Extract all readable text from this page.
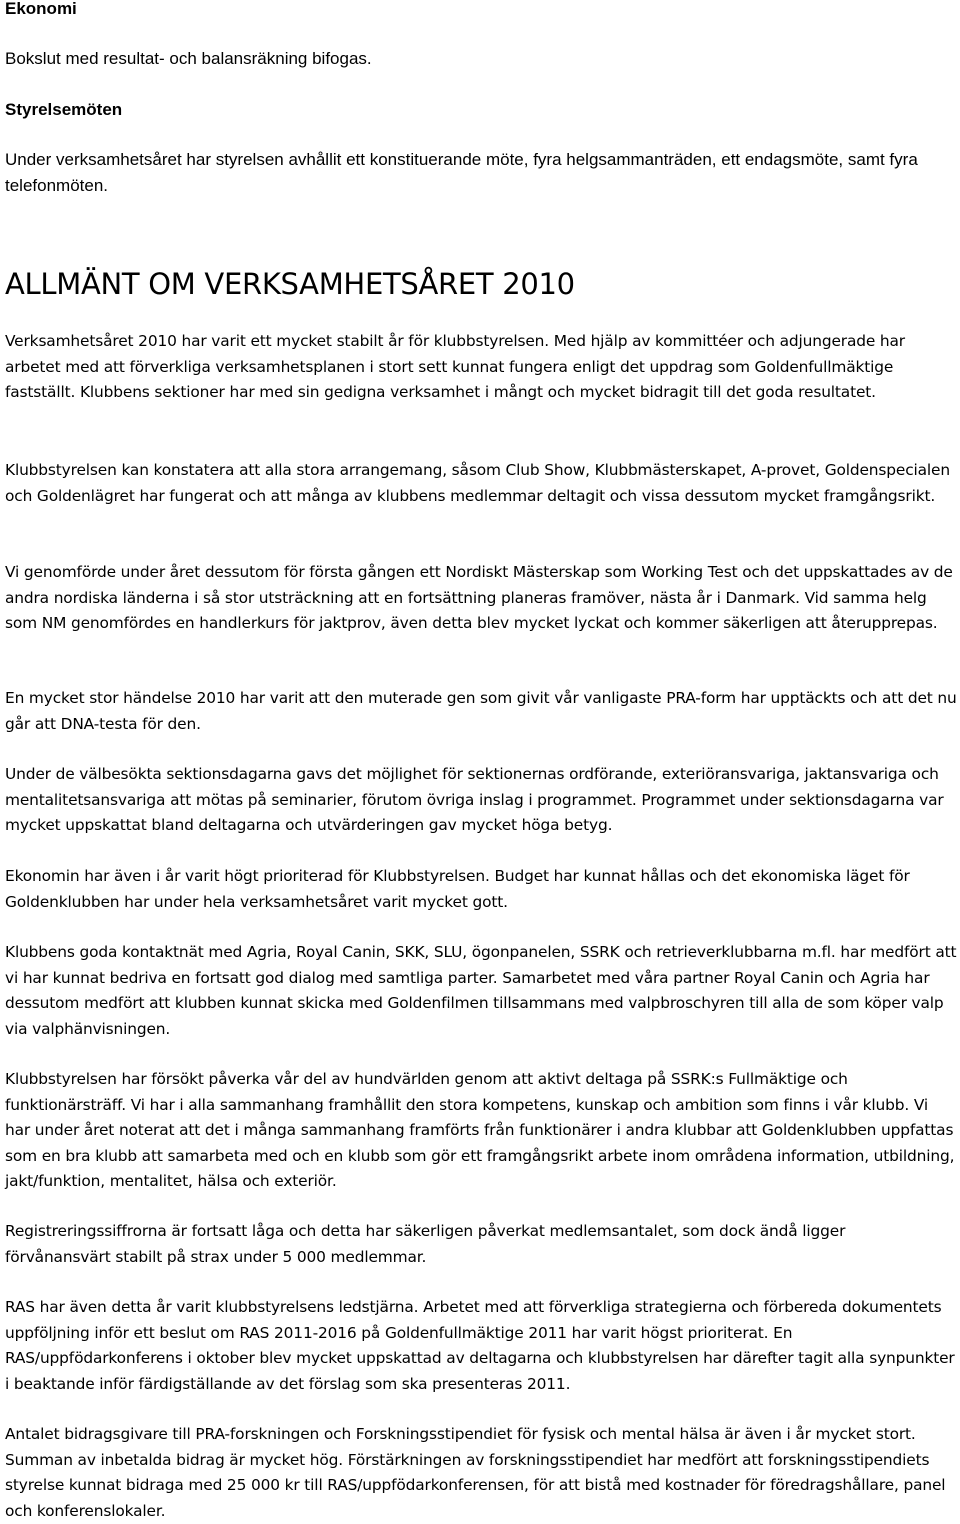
Ekonomi

Bokslut med resultat- och balansräkning bifogas.

Styrelsemöten

Under verksamhetsåret har styrelsen avhållit ett konstituerande möte, fyra helgsammanträden, ett endagsmöte, samt fyra telefonmöten.

ALLMÄNT OM VERKSAMHETSÅRET 2010

Verksamhetsåret 2010 har varit ett mycket stabilt år för klubbstyrelsen. Med hjälp av kommittéer och adjungerade har arbetet med att förverkliga verksamhetsplanen i stort sett kunnat fungera enligt det uppdrag som Goldenfullmäktige fastställt. Klubbens sektioner har med sin gedigna verksamhet i mångt och mycket bidragit till det goda resultatet.

Klubbstyrelsen kan konstatera att alla stora arrangemang, såsom Club Show, Klubbmästerskapet, A-provet, Goldenspecialen och Goldenlägret har fungerat och att många av klubbens medlemmar deltagit och vissa dessutom mycket framgångsrikt.

Vi genomförde under året dessutom för första gången ett Nordiskt Mästerskap som Working Test och det uppskattades av de andra nordiska länderna i så stor utsträckning att en fortsättning planeras framöver, nästa år i Danmark. Vid samma helg som NM genomfördes en handlerkurs för jaktprov, även detta blev mycket lyckat och kommer säkerligen att återupprepas.

En mycket stor händelse 2010 har varit att den muterade gen som givit vår vanligaste PRA-form har upptäckts och att det nu går att DNA-testa för den.

Under de välbesökta sektionsdagarna gavs det möjlighet för sektionernas ordförande, exteriöransvariga, jaktansvariga och mentalitetsansvariga att mötas på seminarier, förutom övriga inslag i programmet. Programmet under sektionsdagarna var mycket uppskattat bland deltagarna och utvärderingen gav mycket höga betyg.

Ekonomin har även i år varit högt prioriterad för Klubbstyrelsen. Budget har kunnat hållas och det ekonomiska läget för Goldenklubben har under hela verksamhetsåret varit mycket gott.

Klubbens goda kontaktnät med Agria, Royal Canin, SKK, SLU, ögonpanelen, SSRK och retrieverklubbarna m.fl. har medfört att vi har kunnat bedriva en fortsatt god dialog med samtliga parter. Samarbetet med våra partner Royal Canin och Agria har dessutom medfört att klubben kunnat skicka med Goldenfilmen tillsammans med valpbroschyren till alla de som köper valp via valphänvisningen.

Klubbstyrelsen har försökt påverka vår del av hundvärlden genom att aktivt deltaga på SSRK:s Fullmäktige och funktionärsträff. Vi har i alla sammanhang framhållit den stora kompetens, kunskap och ambition som finns i vår klubb. Vi har under året noterat att det i många sammanhang framförts från funktionärer i andra klubbar att Goldenklubben uppfattas som en bra klubb att samarbeta med och en klubb som gör ett framgångsrikt arbete inom områdena information, utbildning, jakt/funktion, mentalitet, hälsa och exteriör.

Registreringssiffrorna är fortsatt låga och detta har säkerligen påverkat medlemsantalet, som dock ändå ligger förvånansvärt stabilt på strax under 5 000 medlemmar.

RAS har även detta år varit klubbstyrelsens ledstjärna. Arbetet med att förverkliga strategierna och förbereda dokumentets uppföljning inför ett beslut om RAS 2011-2016 på Goldenfullmäktige 2011 har varit högst prioriterat. En RAS/uppfödarkonferens i oktober blev mycket uppskattad av deltagarna och klubbstyrelsen har därefter tagit alla synpunkter i beaktande inför färdigställande av det förslag som ska presenteras 2011.

Antalet bidragsgivare till PRA-forskningen och Forskningsstipendiet för fysisk och mental hälsa är även i år mycket stort. Summan av inbetalda bidrag är mycket hög. Förstärkningen av forskningsstipendiet har medfört att forskningsstipendiets styrelse kunnat bidraga med 25 000 kr till RAS/uppfödarkonferensen, för att bistå med kostnader för föredragshållare, panel och konferenslokaler.
